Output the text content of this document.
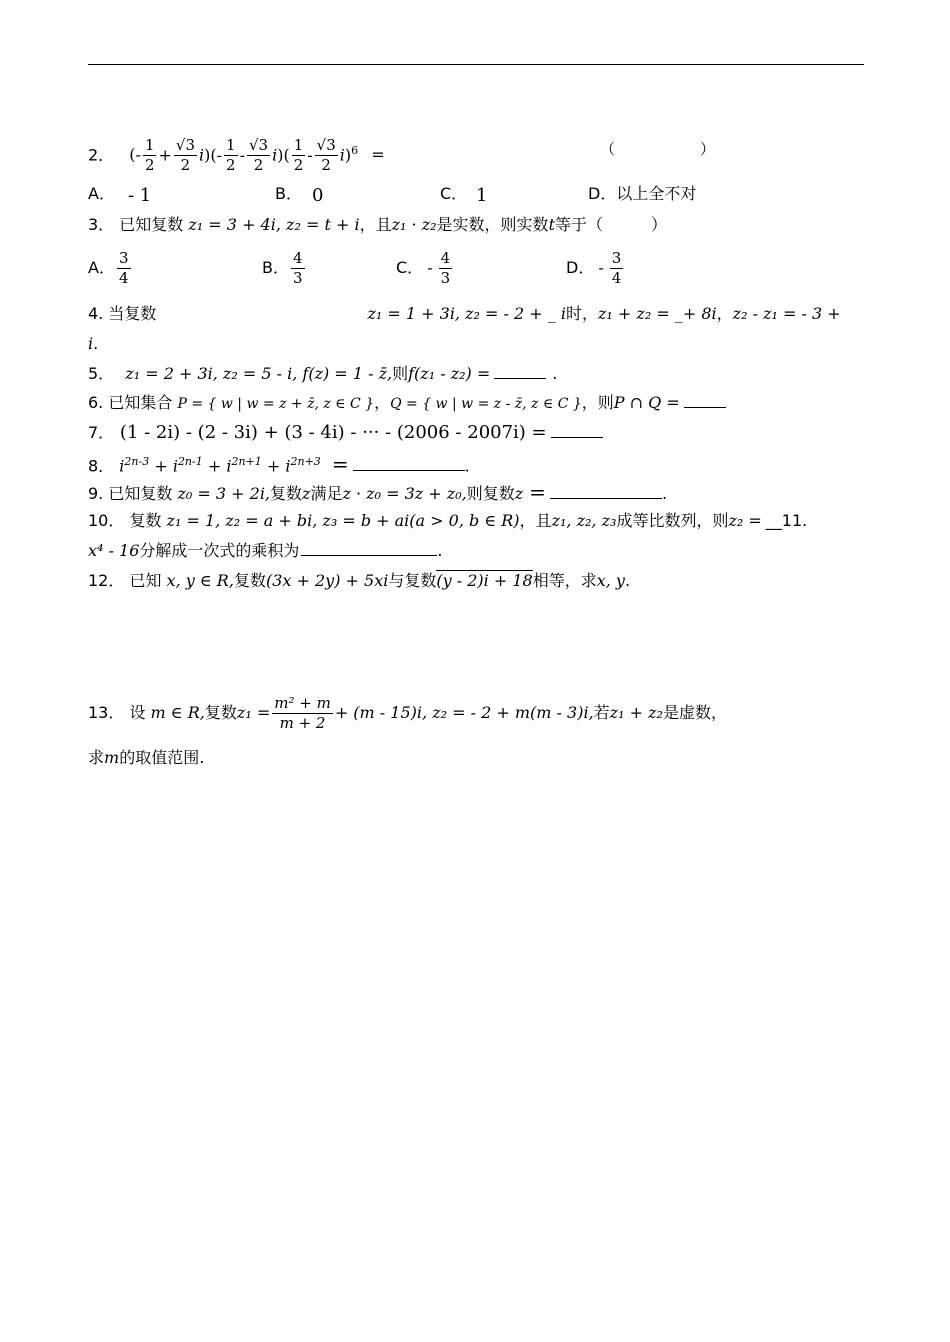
2． (- $\frac{1}{2} + \frac{√3}{2} i)(- \frac{1}{2} - \frac{√3}{2} i)( \frac{1}{2} - \frac{√3}{2} i)^6$ =	（	）
A． - 1	B． 0	C． 1	D．以上全不对
3． 已知复数 z₁ = 3 + 4i, z₂ = t + i，且z₁ · z₂是实数，则实数t等于（	）
A． $\frac{3}{4}$	B． $\frac{4}{3}$	C． - $\frac{4}{3}$	D． - $\frac{3}{4}$
4. 当复数	z₁ = 1 + 3i, z₂ = - 2 + _ i时，z₁ + z₂ = _+ 8i，z₂ - z₁ = - 3 +
i.
5． z₁ = 2 + 3i, z₂ = 5 - i, f(z) = 1 - z̄,则f(z₁ - z₂) =	.
6. 已知集合 P = { w | w = z + z̄, z ∈ C }，Q = { w | w = z - z̄, z ∈ C }，则P ∩ Q =
7． (1 - 2i) - (2 - 3i) + (3 - 4i) - ··· - (2006 - 2007i) =
8． $i^{2n-3} + i^{2n-1} + i^{2n+1} + i^{2n+3}$ =	.
9. 已知复数 z₀ = 3 + 2i,复数z满足z · z₀ = 3z + z₀,则复数z =	.
10． 复数 z₁ = 1, z₂ = a + bi, z₃ = b + ai(a > 0, b ∈ R)，且z₁, z₂, z₃成等比数列，则z₂ = __11.
x⁴ - 16分解成一次式的乘积为	.
12． 已知 x, y ∈ R,复数(3x + 2y) + 5xi与复数(y - 2)i + 18相等，求x, y.
13． 设 m ∈ R,复数$z_1 = \frac{\text{m² + m}}{m + 2} + (m - 15)i$, z₂ = - 2 + m(m - 3)i,若z₁ + z₂是虚数，
求m的取值范围.
